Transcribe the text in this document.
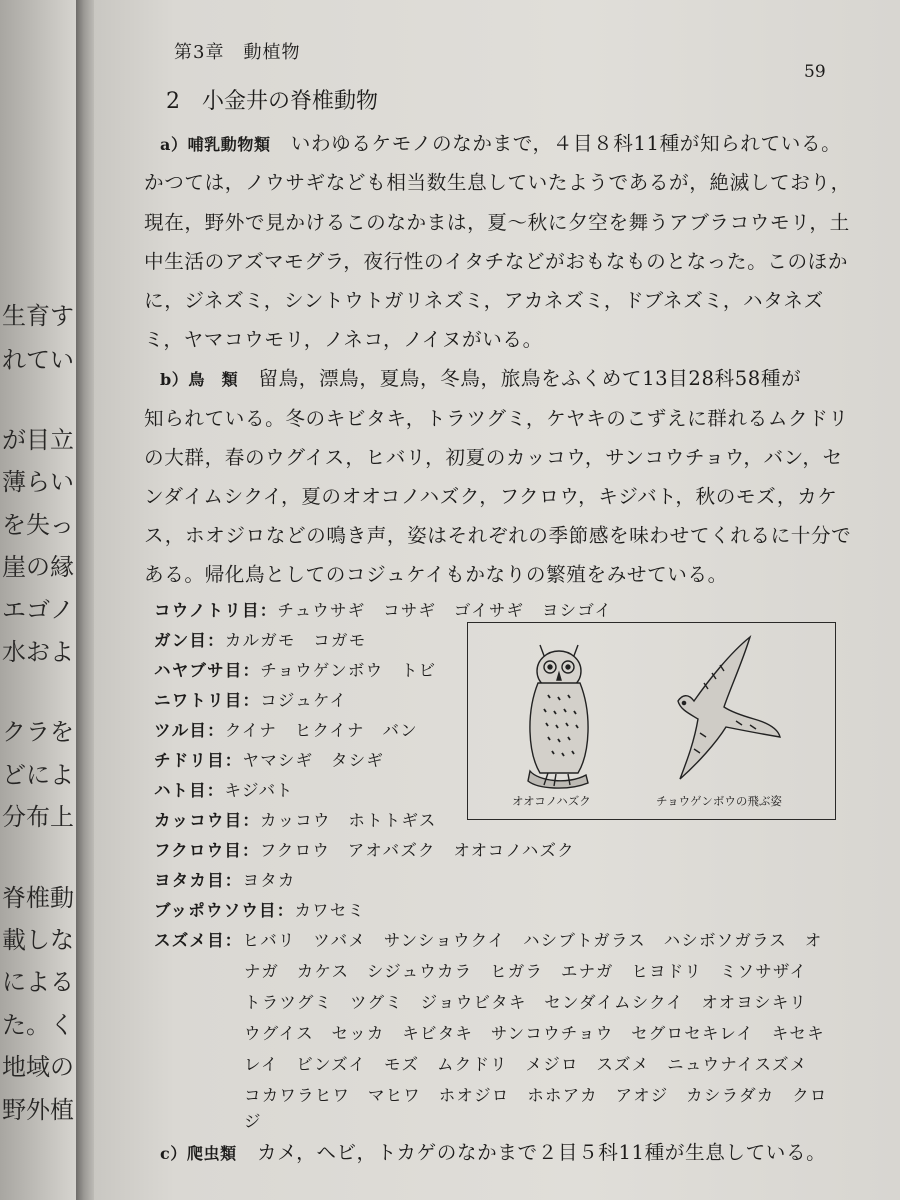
生育す
れてい
が目立
薄らい
を失っ
崖の縁
エゴノ
水およ
クラを
どによ
分布上
脊椎動
載しな
による
た。く
地域の
野外植
第3章　動植物
59
2　小金井の脊椎動物
a）哺乳動物類　 いわゆるケモノのなかまで，４目８科11種が知られている。
かつては，ノウサギなども相当数生息していたようであるが，絶滅しており，
現在，野外で見かけるこのなかまは，夏～秋に夕空を舞うアブラコウモリ，土
中生活のアズマモグラ，夜行性のイタチなどがおもなものとなった。このほか
に，ジネズミ，シントウトガリネズミ，アカネズミ，ドブネズミ，ハタネズ
ミ，ヤマコウモリ，ノネコ，ノイヌがいる。
b）鳥　類　 留鳥，漂鳥，夏鳥，冬鳥，旅鳥をふくめて13目28科58種が
知られている。冬のキビタキ，トラツグミ，ケヤキのこずえに群れるムクドリ
の大群，春のウグイス，ヒバリ，初夏のカッコウ，サンコウチョウ，バン，セ
ンダイムシクイ，夏のオオコノハズク，フクロウ，キジバト，秋のモズ，カケ
ス，ホオジロなどの鳴き声，姿はそれぞれの季節感を味わせてくれるに十分で
ある。帰化鳥としてのコジュケイもかなりの繁殖をみせている。
コウノトリ目：チュウサギ　コサギ　ゴイサギ　ヨシゴイ
ガン目：カルガモ　コガモ
ハヤブサ目：チョウゲンボウ　トビ
ニワトリ目：コジュケイ
ツル目：クイナ　ヒクイナ　バン
チドリ目：ヤマシギ　タシギ
ハト目：キジバト
カッコウ目：カッコウ　ホトトギス
フクロウ目：フクロウ　アオバズク　オオコノハズク
ヨタカ目：ヨタカ
ブッポウソウ目：カワセミ
スズメ目：ヒバリ　ツバメ　サンショウクイ　ハシブトガラス　ハシボソガラス　オ
ナガ　カケス　シジュウカラ　ヒガラ　エナガ　ヒヨドリ　ミソサザイ
トラツグミ　ツグミ　ジョウビタキ　センダイムシクイ　オオヨシキリ
ウグイス　セッカ　キビタキ　サンコウチョウ　セグロセキレイ　キセキ
レイ　ビンズイ　モズ　ムクドリ　メジロ　スズメ　ニュウナイスズメ
コカワラヒワ　マヒワ　ホオジロ　ホホアカ　アオジ　カシラダカ　クロ
ジ
オオコノハズク	チョウゲンボウの飛ぶ姿
c）爬虫類　 カメ，ヘビ，トカゲのなかまで２目５科11種が生息している。
